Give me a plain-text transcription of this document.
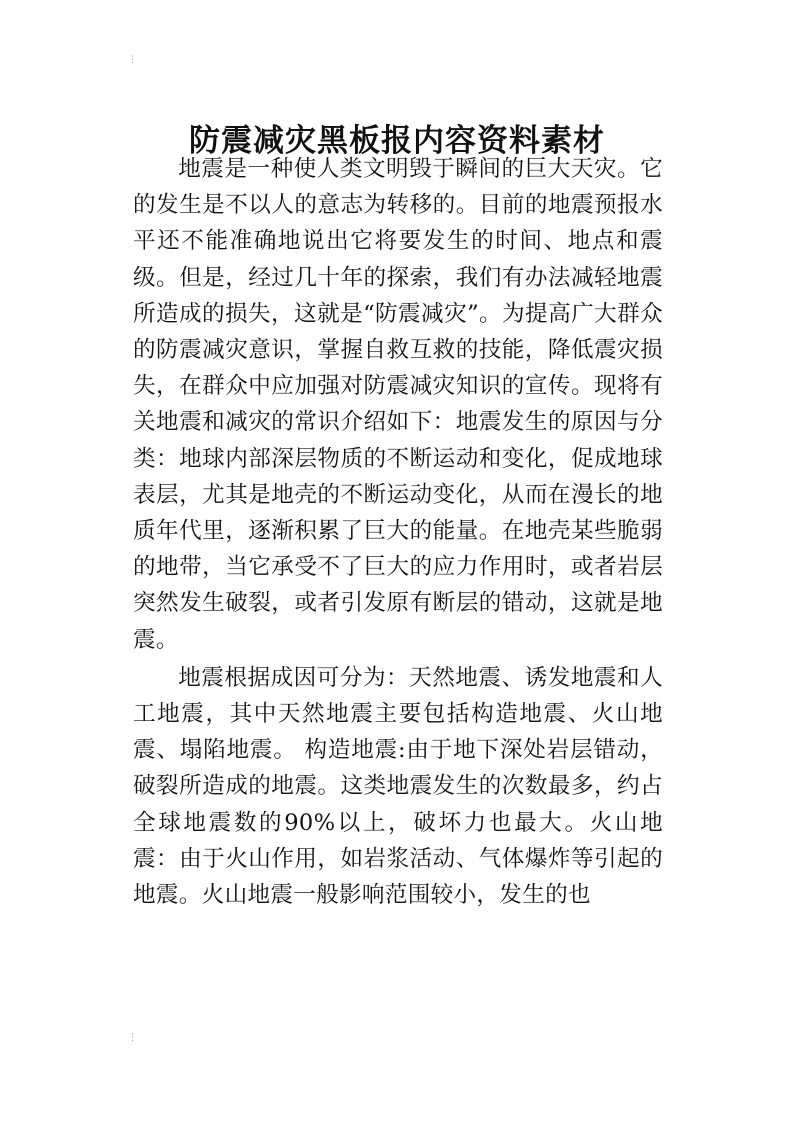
⋮
⋮
防震减灾黑板报内容资料素材

地震是一种使人类文明毁于瞬间的巨大天灾。它的发生是不以人的意志为转移的。目前的地震预报水平还不能准确地说出它将要发生的时间、地点和震级。但是，经过几十年的探索，我们有办法减轻地震所造成的损失，这就是“防震减灾”。为提高广大群众的防震减灾意识，掌握自救互救的技能，降低震灾损失，在群众中应加强对防震减灾知识的宣传。现将有关地震和减灾的常识介绍如下：地震发生的原因与分类：地球内部深层物质的不断运动和变化，促成地球表层，尤其是地壳的不断运动变化，从而在漫长的地质年代里，逐渐积累了巨大的能量。在地壳某些脆弱的地带，当它承受不了巨大的应力作用时，或者岩层突然发生破裂，或者引发原有断层的错动，这就是地震。

地震根据成因可分为：天然地震、诱发地震和人工地震，其中天然地震主要包括构造地震、火山地震、塌陷地震。 构造地震:由于地下深处岩层错动，破裂所造成的地震。这类地震发生的次数最多，约占全球地震数的90%以上，破坏力也最大。火山地震：由于火山作用，如岩浆活动、气体爆炸等引起的地震。火山地震一般影响范围较小，发生的也
